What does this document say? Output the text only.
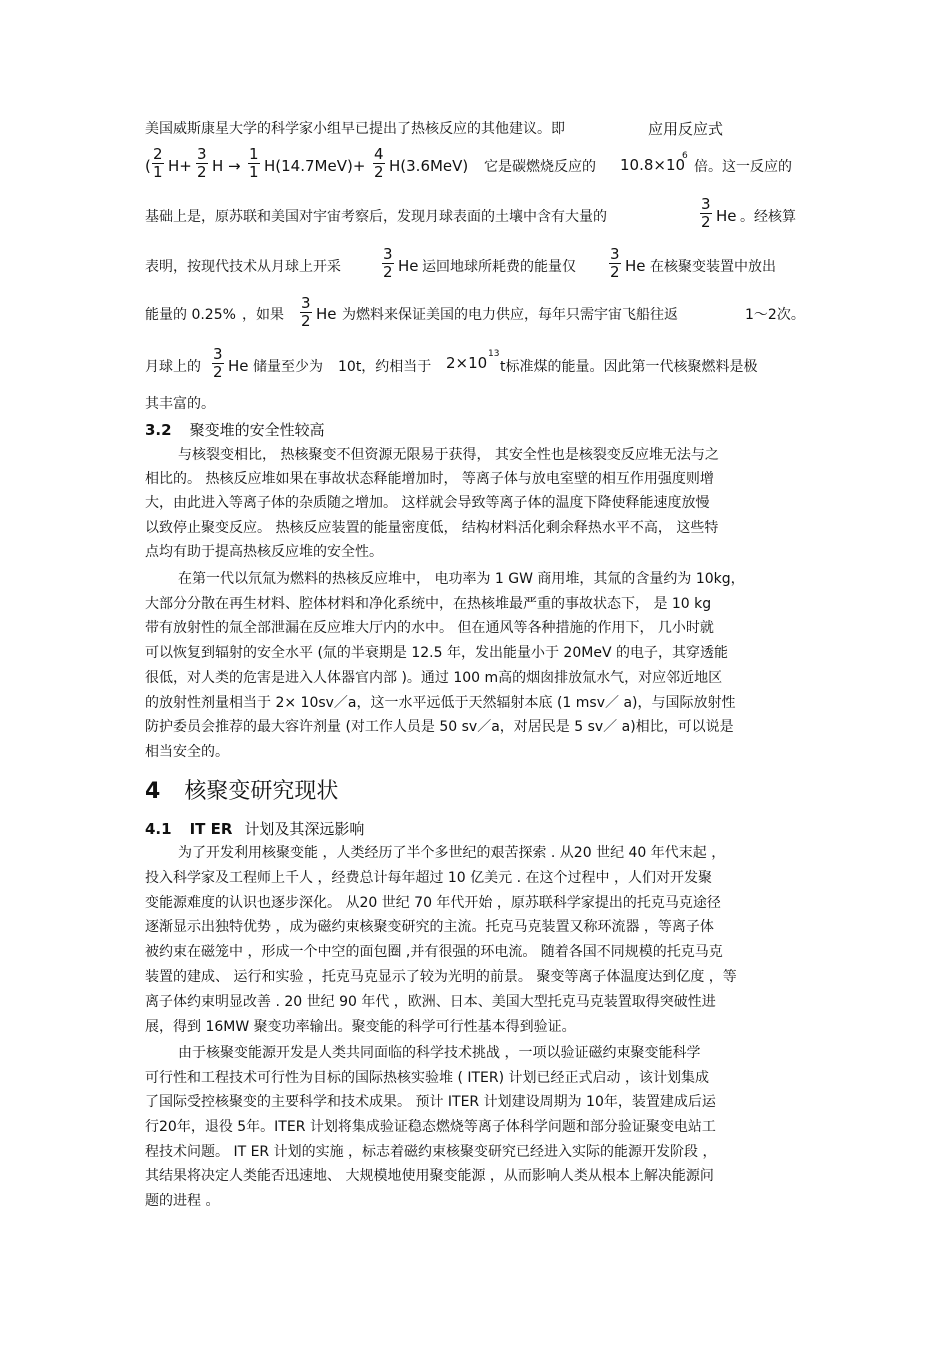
美国威斯康星大学的科学家小组早已提出了热核反应的其他建议。即	应用反应式
( $\frac{2}{1} H+ \frac{3}{2}$ $H \to \frac{1}{1} H(14.7MeV)+ \frac{4}{2} H(3.6MeV)$ 它是碳燃烧反应的 10.8×10
6
倍。这一反应的
基础上是，原苏联和美国对宇宙考察后，发现月球表面的土壤中含有大量的	$\frac{3}{2}$ He 。经核算
表明，按现代技术从月球上开采	$\frac{3}{2}$ He 运回地球所耗费的能量仅 $\frac{3}{2}$ He 在核聚变装置中放出
能量的 0.25% ，如果 $\frac{3}{2}$ He 为燃料来保证美国的电力供应，每年只需宇宙飞船往返	1～2次。
月球上的 $\frac{3}{2}$ He 储量至少为 10t，约相当于 2×10 13
t标准煤的能量。因此第一代核聚燃料是极
其丰富的。
3.2 聚变堆的安全性较高
与核裂变相比， 热核聚变不但资源无限易于获得， 其安全性也是核裂变反应堆无法与之
相比的。 热核反应堆如果在事故状态释能增加时， 等离子体与放电室壁的相互作用强度则增
大，由此进入等离子体的杂质随之增加。 这样就会导致等离子体的温度下降使释能速度放慢
以致停止聚变反应。 热核反应装置的能量密度低， 结构材料活化剩余释热水平不高， 这些特
点均有助于提高热核反应堆的安全性。
在第一代以氘氚为燃料的热核反应堆中， 电功率为 1 GW 商用堆，其氚的含量约为 10kg，
大部分分散在再生材料、腔体材料和净化系统中，在热核堆最严重的事故状态下， 是 10 kg
带有放射性的氚全部泄漏在反应堆大厅内的水中。 但在通风等各种措施的作用下， 几小时就
可以恢复到辐射的安全水平 (氚的半衰期是 12.5 年，发出能量小于 20MeV 的电子，其穿透能
很低，对人类的危害是进入人体器官内部 )。通过 100 m高的烟囱排放氚水气，对应邻近地区
的放射性剂量相当于 2× 10sv／a，这一水平远低于天然辐射本底 (1 msv／ a)，与国际放射性
防护委员会推荐的最大容许剂量 (对工作人员是 50 sv／a，对居民是 5 sv／ a)相比，可以说是
相当安全的。
4 核聚变研究现状
4.1 IT ER 计划及其深远影响
为了开发利用核聚变能 ，人类经历了半个多世纪的艰苦探索 . 从20 世纪 40 年代末起 ，
投入科学家及工程师上千人 ，经费总计每年超过 10 亿美元 . 在这个过程中 ，人们对开发聚
变能源难度的认识也逐步深化。 从20 世纪 70 年代开始 ，原苏联科学家提出的托克马克途径
逐渐显示出独特优势 ，成为磁约束核聚变研究的主流。托克马克装置又称环流器 ，等离子体
被约束在磁笼中 ，形成一个中空的面包圈 ,并有很强的环电流。 随着各国不同规模的托克马克
装置的建成、 运行和实验 ，托克马克显示了较为光明的前景。 聚变等离子体温度达到亿度 ，等
离子体约束明显改善 . 20 世纪 90 年代 ，欧洲、日本、美国大型托克马克装置取得突破性进
展，得到 16MW 聚变功率输出。聚变能的科学可行性基本得到验证。
由于核聚变能源开发是人类共同面临的科学技术挑战 ，一项以验证磁约束聚变能科学
可行性和工程技术可行性为目标的国际热核实验堆 ( ITER) 计划已经正式启动 ，该计划集成
了国际受控核聚变的主要科学和技术成果。 预计 ITER 计划建设周期为 10年，装置建成后运
行20年，退役 5年。ITER 计划将集成验证稳态燃烧等离子体科学问题和部分验证聚变电站工
程技术问题。 IT ER 计划的实施 ，标志着磁约束核聚变研究已经进入实际的能源开发阶段 ，
其结果将决定人类能否迅速地、 大规模地使用聚变能源 ，从而影响人类从根本上解决能源问
题的进程 。
